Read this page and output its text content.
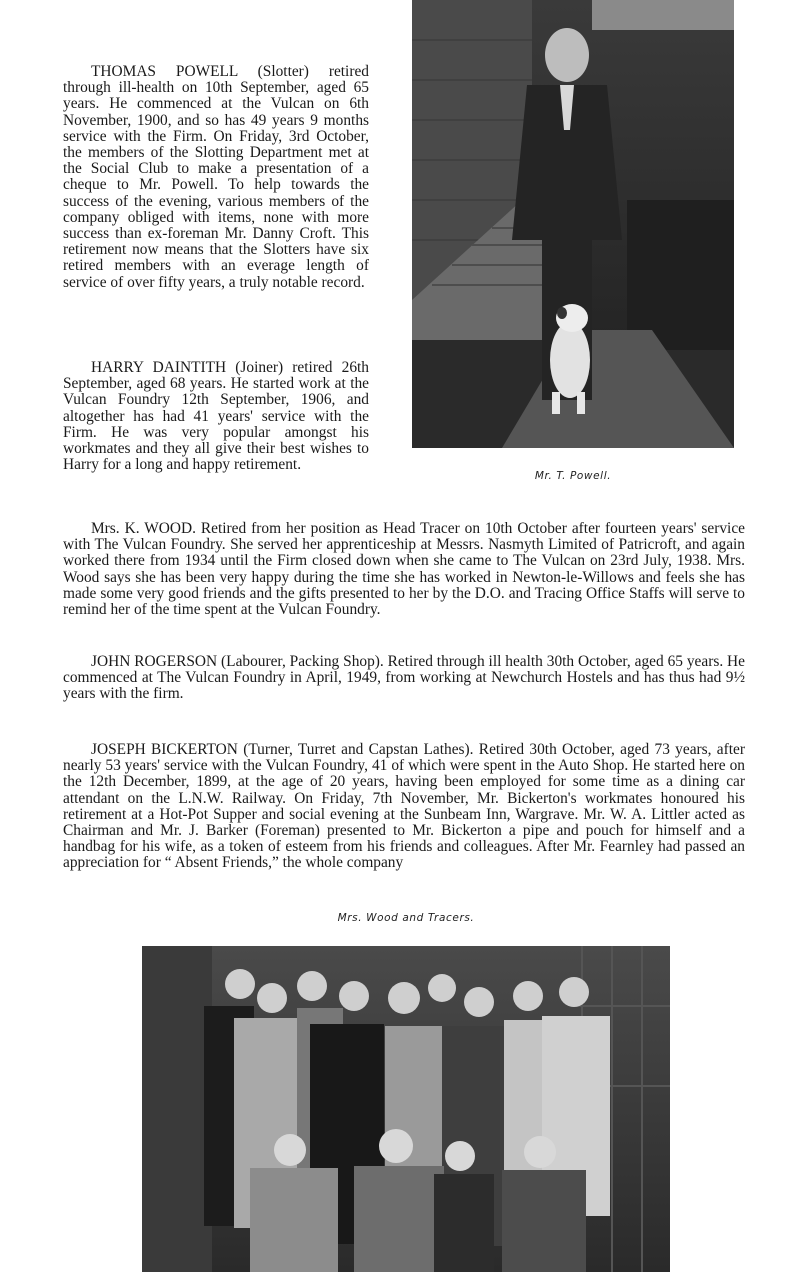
Mr. T. Powell.

THOMAS POWELL (Slotter) retired through ill-health on 10th September, aged 65 years. He commenced at the Vulcan on 6th November, 1900, and so has 49 years 9 months service with the Firm. On Friday, 3rd October, the members of the Slotting Department met at the Social Club to make a presentation of a cheque to Mr. Powell. To help towards the success of the evening, various members of the company obliged with items, none with more success than ex-foreman Mr. Danny Croft. This retirement now means that the Slotters have six retired members with an everage length of service of over fifty years, a truly notable record.

HARRY DAINTITH (Joiner) retired 26th September, aged 68 years. He started work at the Vulcan Foundry 12th September, 1906, and altogether has had 41 years' service with the Firm. He was very popular amongst his workmates and they all give their best wishes to Harry for a long and happy retirement.

Mrs. K. WOOD. Retired from her position as Head Tracer on 10th October after fourteen years' service with The Vulcan Foundry. She served her apprenticeship at Messrs. Nasmyth Limited of Patricroft, and again worked there from 1934 until the Firm closed down when she came to The Vulcan on 23rd July, 1938. Mrs. Wood says she has been very happy during the time she has worked in Newton-le-Willows and feels she has made some very good friends and the gifts presented to her by the D.O. and Tracing Office Staffs will serve to remind her of the time spent at the Vulcan Foundry.

JOHN ROGERSON (Labourer, Packing Shop). Retired through ill health 30th October, aged 65 years. He commenced at The Vulcan Foundry in April, 1949, from working at Newchurch Hostels and has thus had 9½ years with the firm.

JOSEPH BICKERTON (Turner, Turret and Capstan Lathes). Retired 30th October, aged 73 years, after nearly 53 years' service with the Vulcan Foundry, 41 of which were spent in the Auto Shop. He started here on the 12th December, 1899, at the age of 20 years, having been employed for some time as a dining car attendant on the L.N.W. Railway. On Friday, 7th November, Mr. Bickerton's workmates honoured his retirement at a Hot-Pot Supper and social evening at the Sunbeam Inn, Wargrave. Mr. W. A. Littler acted as Chairman and Mr. J. Barker (Foreman) presented to Mr. Bickerton a pipe and pouch for himself and a handbag for his wife, as a token of esteem from his friends and colleagues. After Mr. Fearnley had passed an appreciation for “ Absent Friends,” the whole company

Mrs. Wood and Tracers.
